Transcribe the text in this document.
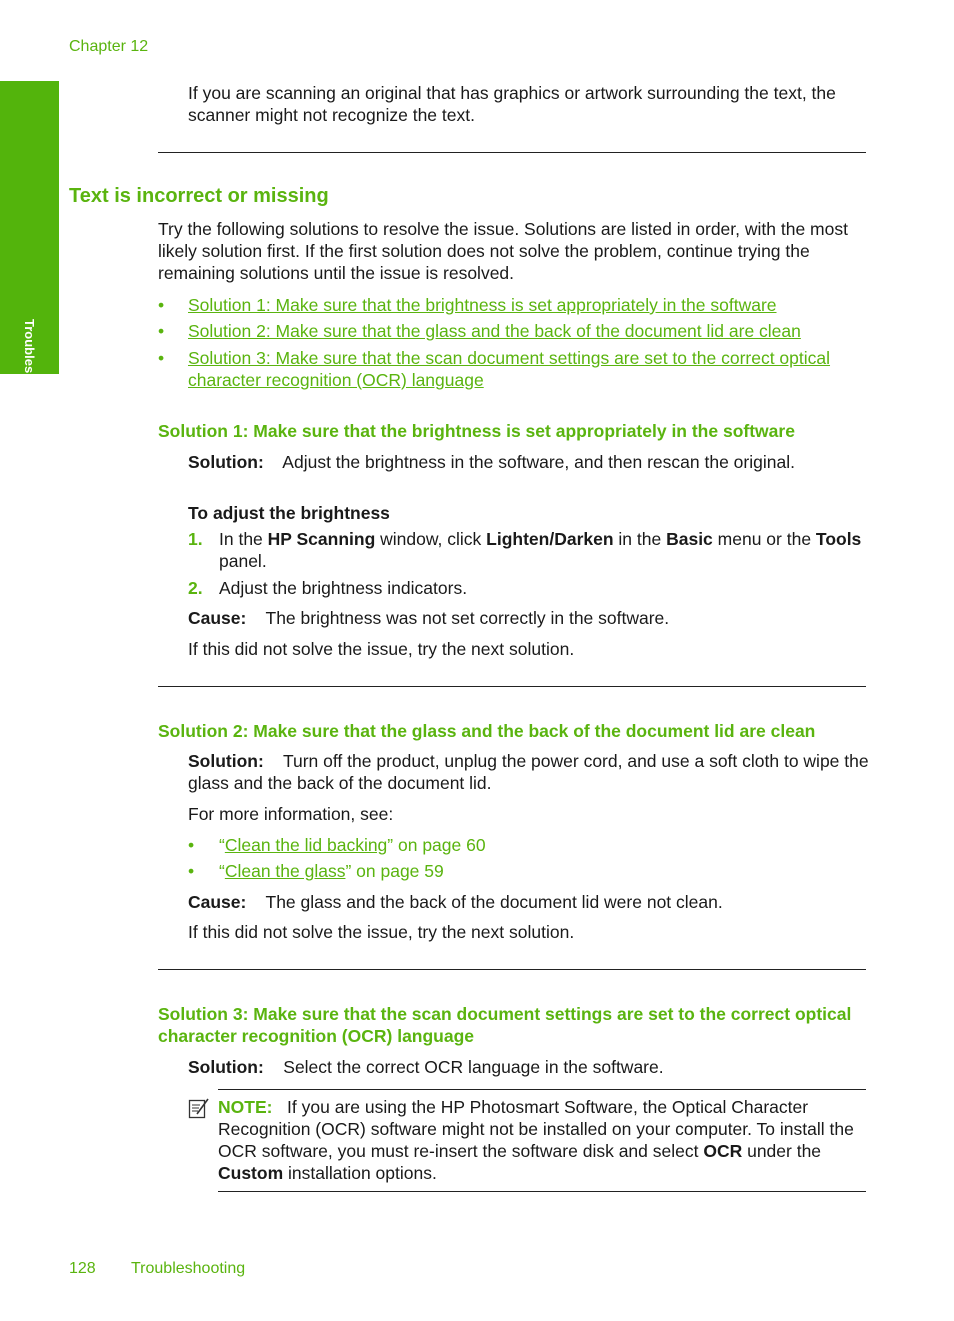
Chapter 12
Troubleshooting

If you are scanning an original that has graphics or artwork surrounding the text, the scanner might not recognize the text.

Text is incorrect or missing

Try the following solutions to resolve the issue. Solutions are listed in order, with the most likely solution first. If the first solution does not solve the problem, continue trying the remaining solutions until the issue is resolved.

• Solution 1: Make sure that the brightness is set appropriately in the software
• Solution 2: Make sure that the glass and the back of the document lid are clean
• Solution 3: Make sure that the scan document settings are set to the correct optical character recognition (OCR) language
Solution 1: Make sure that the brightness is set appropriately in the software

Solution: Adjust the brightness in the software, and then rescan the original.

To adjust the brightness
1. In the HP Scanning window, click Lighten/Darken in the Basic menu or the Tools panel.
2. Adjust the brightness indicators.

Cause: The brightness was not set correctly in the software.

If this did not solve the issue, try the next solution.

Solution 2: Make sure that the glass and the back of the document lid are clean

Solution: Turn off the product, unplug the power cord, and use a soft cloth to wipe the glass and the back of the document lid.

For more information, see:

• “Clean the lid backing” on page 60
• “Clean the glass” on page 59

Cause: The glass and the back of the document lid were not clean.

If this did not solve the issue, try the next solution.

Solution 3: Make sure that the scan document settings are set to the correct optical character recognition (OCR) language

Solution: Select the correct OCR language in the software.

NOTE: If you are using the HP Photosmart Software, the Optical Character Recognition (OCR) software might not be installed on your computer. To install the OCR software, you must re-insert the software disk and select OCR under the Custom installation options.

128 Troubleshooting
